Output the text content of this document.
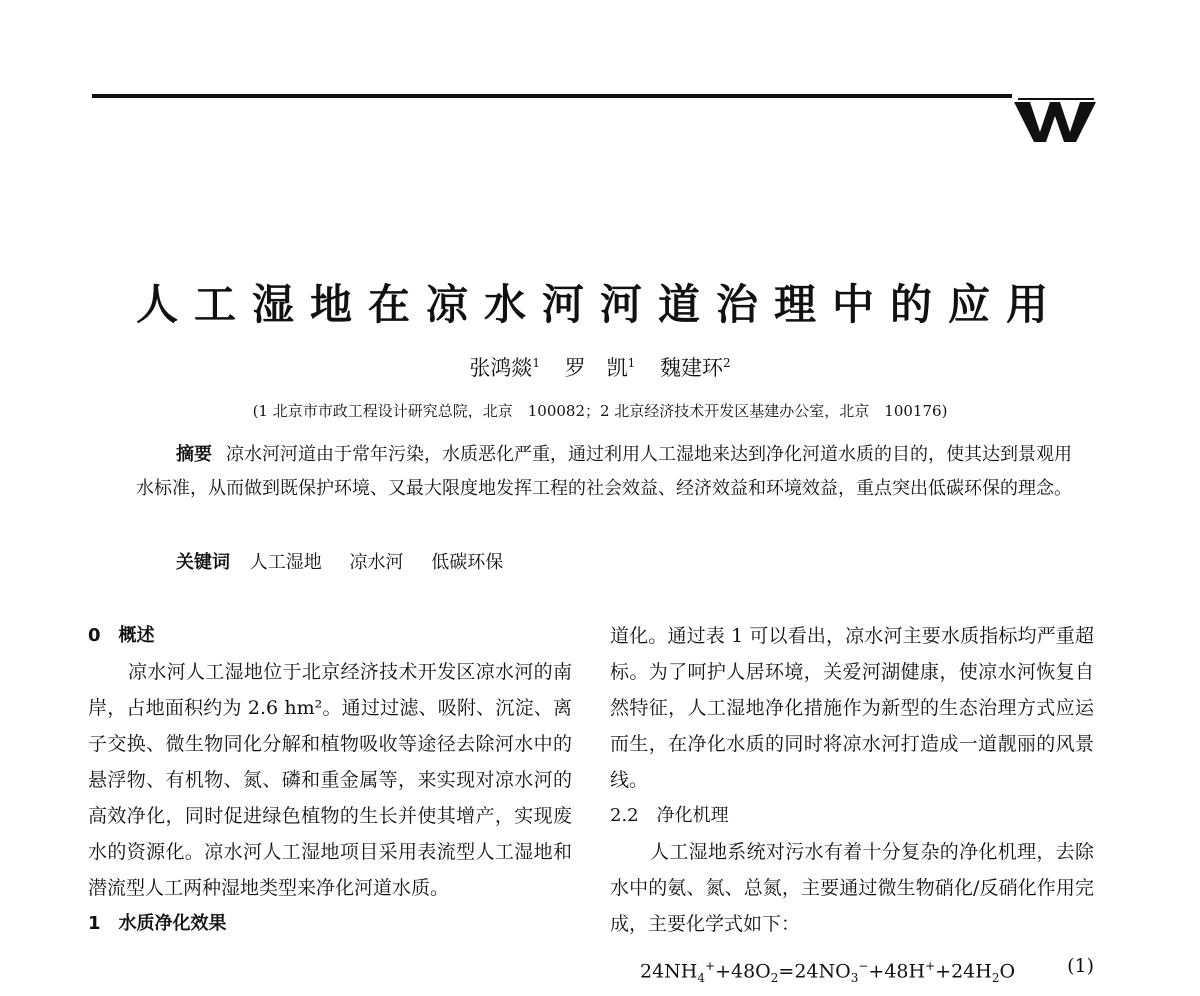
人工湿地在凉水河河道治理中的应用
张鸿燚$^1$ 罗　凯$^1$ 魏建环$^2$
(1 北京市市政工程设计研究总院，北京　100082；2 北京经济技术开发区基建办公室，北京　100176)
摘要 凉水河河道由于常年污染，水质恶化严重，通过利用人工湿地来达到净化河道水质的目的，使其达到景观用水标准，从而做到既保护环境、又最大限度地发挥工程的社会效益、经济效益和环境效益，重点突出低碳环保的理念。
关键词 人工湿地 凉水河 低碳环保

0　概述

凉水河人工湿地位于北京经济技术开发区凉水河的南岸，占地面积约为 2.6 hm²。通过过滤、吸附、沉淀、离子交换、微生物同化分解和植物吸收等途径去除河水中的悬浮物、有机物、氮、磷和重金属等，来实现对凉水河的高效净化，同时促进绿色植物的生长并使其增产，实现废水的资源化。凉水河人工湿地项目采用表流型人工湿地和潜流型人工两种湿地类型来净化河道水质。

1　水质净化效果

道化。通过表 1 可以看出，凉水河主要水质指标均严重超标。为了呵护人居环境，关爱河湖健康，使凉水河恢复自然特征，人工湿地净化措施作为新型的生态治理方式应运而生，在净化水质的同时将凉水河打造成一道靓丽的风景线。

2.2　净化机理

人工湿地系统对污水有着十分复杂的净化机理，去除水中的氨、氮、总氮，主要通过微生物硝化/反硝化作用完成，主要化学式如下：

$24NH_4^++48O_2=24NO_3^-+48H^++24H_2O$	(1)
